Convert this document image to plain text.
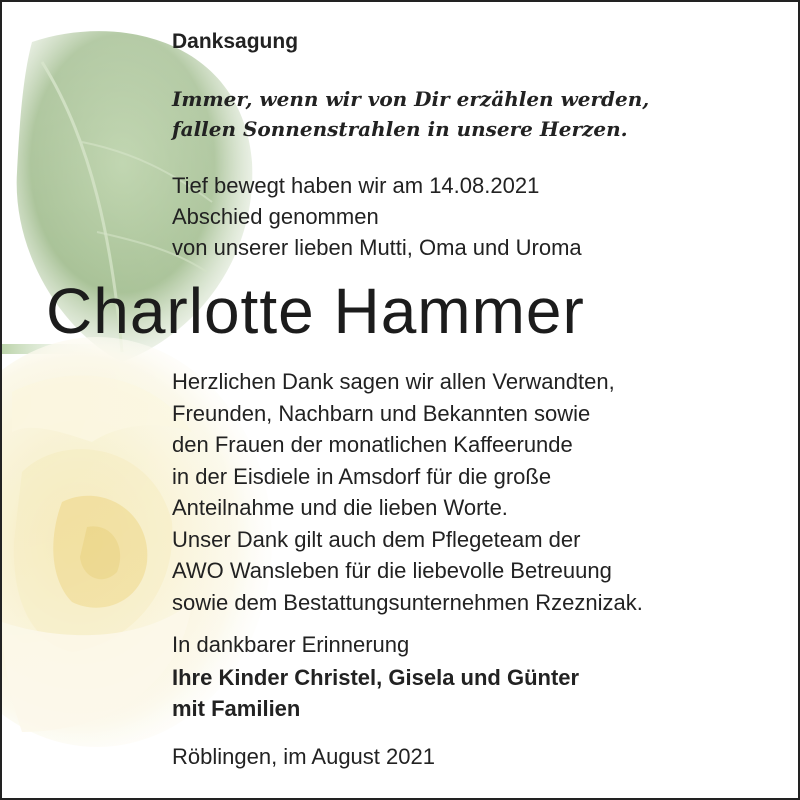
Danksagung

Immer, wenn wir von Dir erzählen werden,
fallen Sonnenstrahlen in unsere Herzen.

Tief bewegt haben wir am 14.08.2021
Abschied genommen
von unserer lieben Mutti, Oma und Uroma

Charlotte Hammer

Herzlichen Dank sagen wir allen Verwandten,
Freunden, Nachbarn und Bekannten sowie
den Frauen der monatlichen Kaffeerunde
in der Eisdiele in Amsdorf für die große
Anteilnahme und die lieben Worte.
Unser Dank gilt auch dem Pflegeteam der
AWO Wansleben für die liebevolle Betreuung
sowie dem Bestattungsunternehmen Rzeznizak.

In dankbarer Erinnerung

Ihre Kinder Christel, Gisela und Günter
mit Familien

Röblingen, im August 2021
